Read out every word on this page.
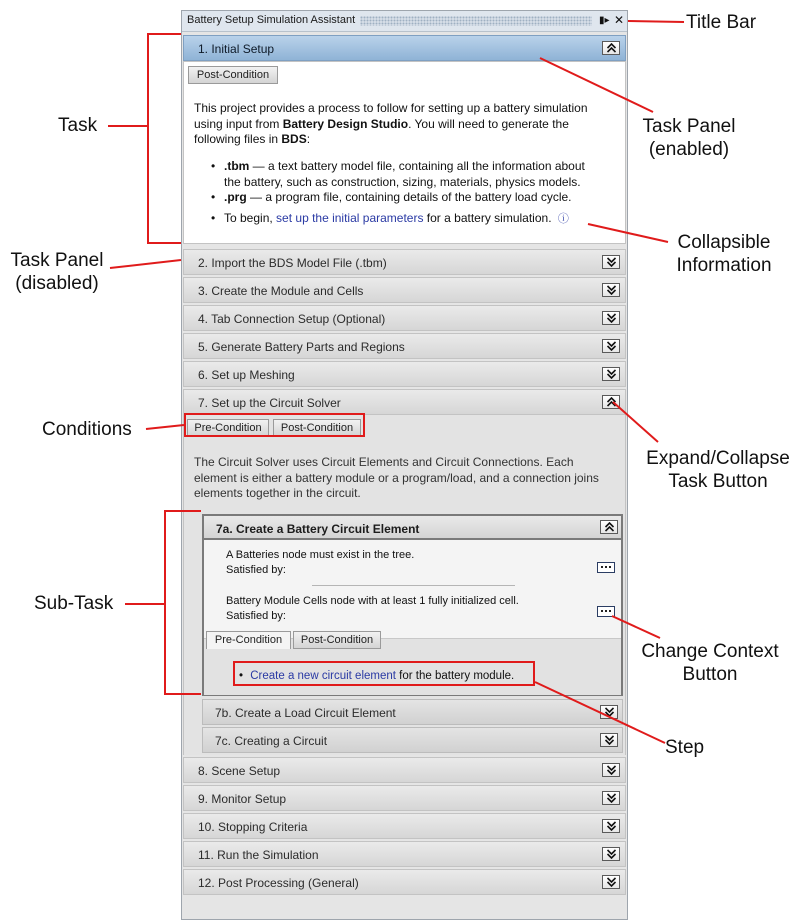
Battery Setup Simulation Assistant	▮▸ ✕
1. Initial Setup
Post-Condition
This project provides a process to follow for setting up a battery simulation
using input from Battery Design Studio. You will need to generate the
following files in BDS:
• .tbm — a text battery model file, containing all the information about
the battery, such as construction, sizing, materials, physics models.
• .prg — a program file, containing details of the battery load cycle.
• To begin, set up the initial parameters for a battery simulation. ⓘ
2. Import the BDS Model File (.tbm)
3. Create the Module and Cells
4. Tab Connection Setup (Optional)
5. Generate Battery Parts and Regions
6. Set up Meshing
7. Set up the Circuit Solver
Pre-Condition	Post-Condition
The Circuit Solver uses Circuit Elements and Circuit Connections. Each
element is either a battery module or a program/load, and a connection joins
elements together in the circuit.
7a. Create a Battery Circuit Element
A Batteries node must exist in the tree.
Satisfied by:
Battery Module Cells node with at least 1 fully initialized cell.
Satisfied by:
Pre-Condition	Post-Condition
• Create a new circuit element for the battery module.
7b. Create a Load Circuit Element
7c. Creating a Circuit
8. Scene Setup
9. Monitor Setup
10. Stopping Criteria
11. Run the Simulation
12. Post Processing (General)
Title Bar
Task	Task Panel
(enabled)
Collapsible
Information
Task Panel
(disabled)
Conditions
Expand/Collapse
Task Button
Sub-Task
Change Context
Button
Step
